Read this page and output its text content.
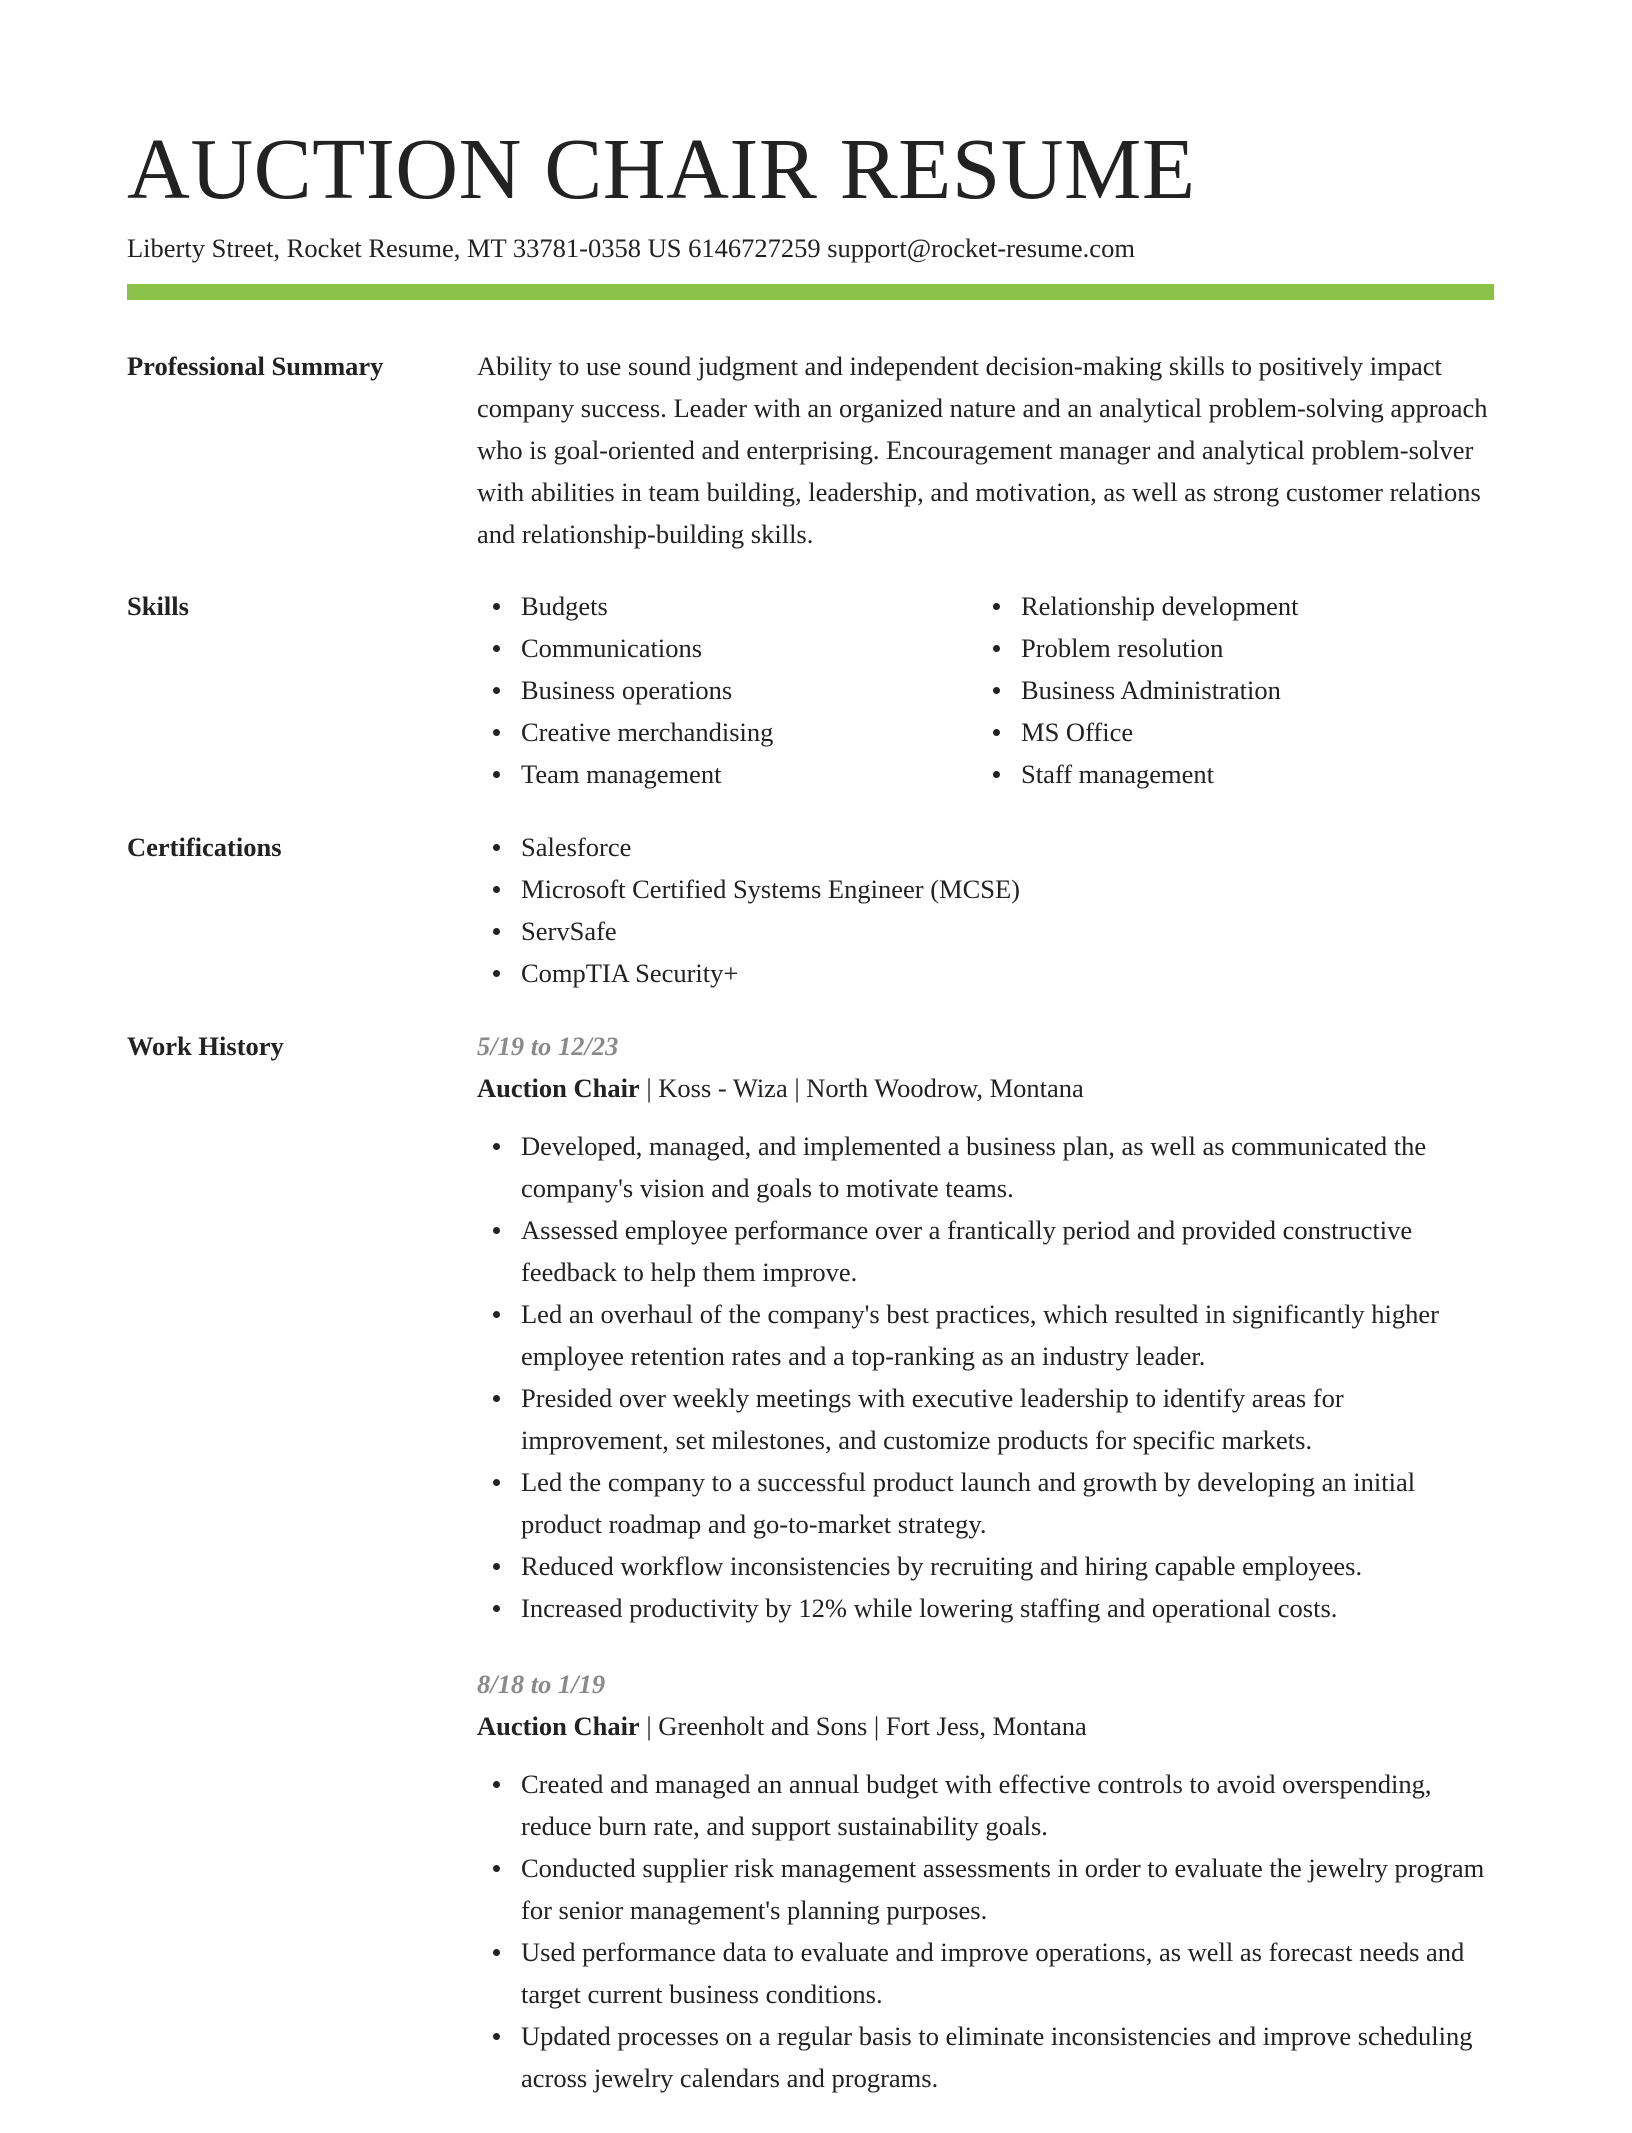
AUCTION CHAIR RESUME
Liberty Street, Rocket Resume, MT 33781-0358 US 6146727259 support@rocket-resume.com
Professional Summary	Ability to use sound judgment and independent decision-making skills to positively impact company success. Leader with an organized nature and an analytical problem-solving approach who is goal-oriented and enterprising. Encouragement manager and analytical problem-solver with abilities in team building, leadership, and motivation, as well as strong customer relations and relationship-building skills.

Skills	Budgets
Communications
Business operations
Creative merchandising
Team management
Relationship development
Problem resolution
Business Administration
MS Office
Staff management
Certifications	Salesforce
Microsoft Certified Systems Engineer (MCSE)
ServSafe
CompTIA Security+
Work History	5/19 to 12/23
Auction Chair | Koss - Wiza | North Woodrow, Montana
Developed, managed, and implemented a business plan, as well as communicated the company's vision and goals to motivate teams.
Assessed employee performance over a frantically period and provided constructive feedback to help them improve.
Led an overhaul of the company's best practices, which resulted in significantly higher employee retention rates and a top-ranking as an industry leader.
Presided over weekly meetings with executive leadership to identify areas for improvement, set milestones, and customize products for specific markets.
Led the company to a successful product launch and growth by developing an initial product roadmap and go-to-market strategy.
Reduced workflow inconsistencies by recruiting and hiring capable employees.
Increased productivity by 12% while lowering staffing and operational costs.
8/18 to 1/19
Auction Chair | Greenholt and Sons | Fort Jess, Montana
Created and managed an annual budget with effective controls to avoid overspending, reduce burn rate, and support sustainability goals.
Conducted supplier risk management assessments in order to evaluate the jewelry program for senior management's planning purposes.
Used performance data to evaluate and improve operations, as well as forecast needs and target current business conditions.
Updated processes on a regular basis to eliminate inconsistencies and improve scheduling across jewelry calendars and programs.
